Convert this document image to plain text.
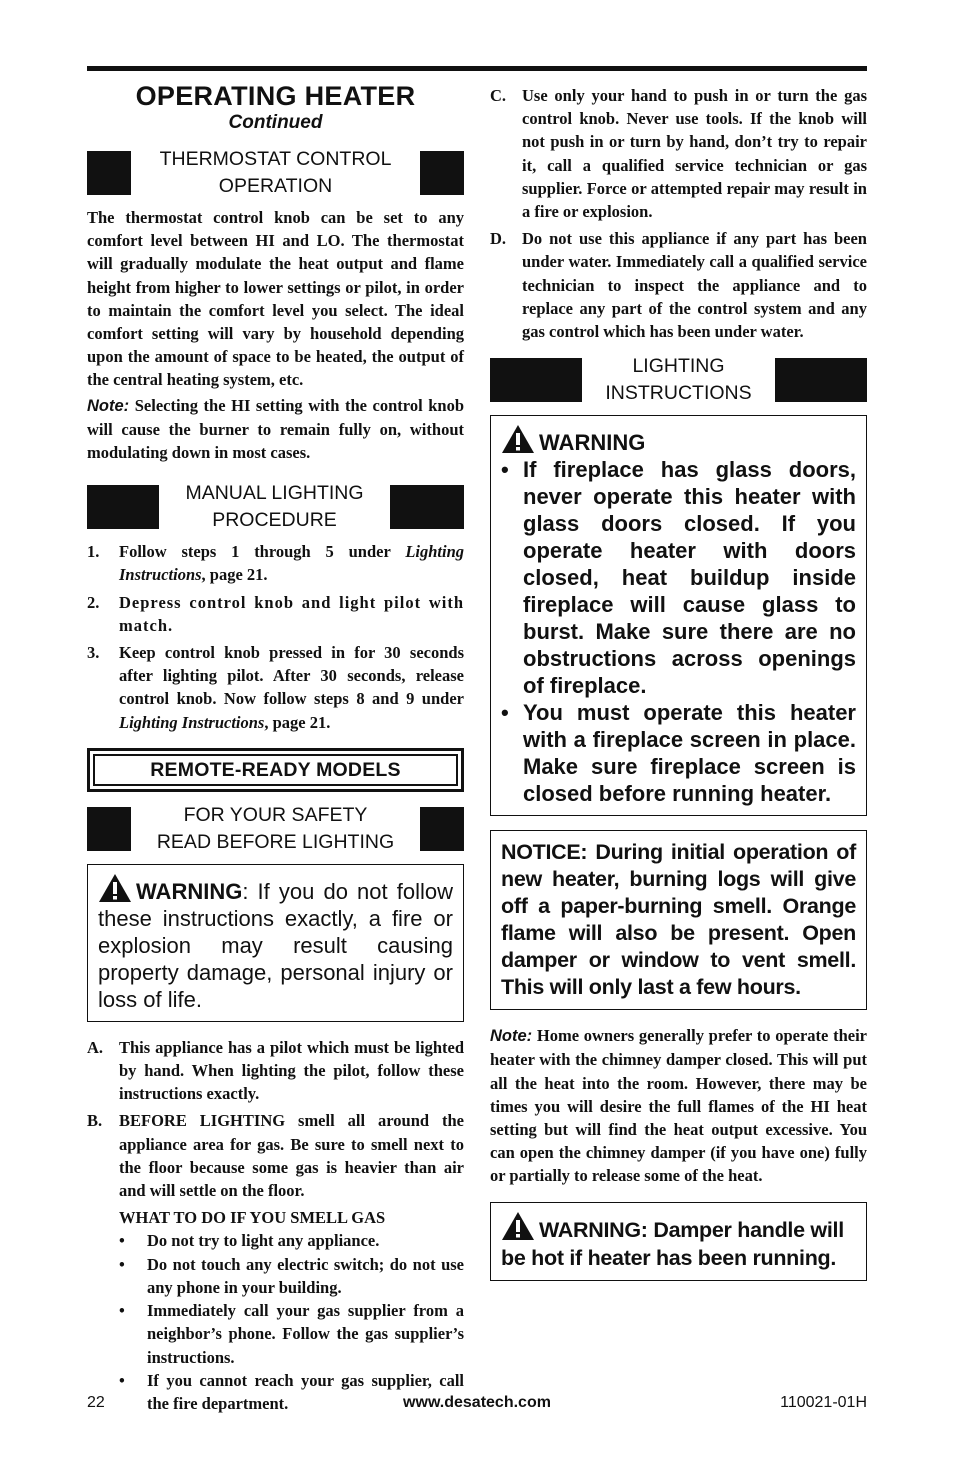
OPERATING HEATER
Continued
THERMOSTAT CONTROL
OPERATION

The thermostat control knob can be set to any comfort level between HI and LO. The thermostat will gradually modulate the heat output and flame height from higher to lower settings or pilot, in order to maintain the comfort level you select. The ideal comfort setting will vary by household depending upon the amount of space to be heated, the output of the central heating system, etc.

Note: Selecting the HI setting with the control knob will cause the burner to remain fully on, without modulating down in most cases.

MANUAL LIGHTING
PROCEDURE
1.	Follow steps 1 through 5 under Lighting Instructions, page 21.
2.	Depress control knob and light pilot with match.
3.	Keep control knob pressed in for 30 seconds after lighting pilot. After 30 seconds, release control knob. Now follow steps 8 and 9 under Lighting Instructions, page 21.
REMOTE-READY MODELS
FOR YOUR SAFETY
READ BEFORE LIGHTING

WARNING: If you do not follow these instructions exactly, a fire or explosion may result causing property damage, personal injury or loss of life.

A. This appliance has a pilot which must be lighted by hand. When lighting the pilot, follow these instructions exactly.
B.	BEFORE LIGHTING smell all around the appliance area for gas. Be sure to smell next to the floor because some gas is heavier than air and will settle on the floor.
WHAT TO DO IF YOU SMELL GAS
•	Do not try to light any appliance.
•	Do not touch any electric switch; do not use any phone in your building.
•	Immediately call your gas supplier from a neighbor’s phone. Follow the gas supplier’s instructions.
•	If you cannot reach your gas supplier, call the fire department.
C. Use only your hand to push in or turn the gas control knob. Never use tools. If the knob will not push in or turn by hand, don’t try to repair it, call a qualified service technician or gas supplier. Force or attempted repair may result in a fire or explosion.
D. Do not use this appliance if any part has been under water. Immediately call a qualified service technician to inspect the appliance and to replace any part of the control system and any gas control which has been under water.
LIGHTING
INSTRUCTIONS
WARNING
• If fireplace has glass doors, never operate this heater with glass doors closed. If you operate heater with doors closed, heat buildup inside fireplace will cause glass to burst. Make sure there are no obstructions across openings of fireplace.
• You must operate this heater with a fireplace screen in place. Make sure fireplace screen is closed before running heater.
NOTICE: During initial operation of new heater, burning logs will give off a paper-burning smell. Orange flame will also be present. Open damper or window to vent smell. This will only last a few hours.

Note: Home owners generally prefer to operate their heater with the chimney damper closed. This will put all the heat into the room. However, there may be times you will desire the full flames of the HI heat setting but will find the heat output excessive. You can open the chimney damper (if you have one) fully or partially to release some of the heat.

WARNING: Damper handle will be hot if heater has been running.
22	www.desatech.com	110021-01H
